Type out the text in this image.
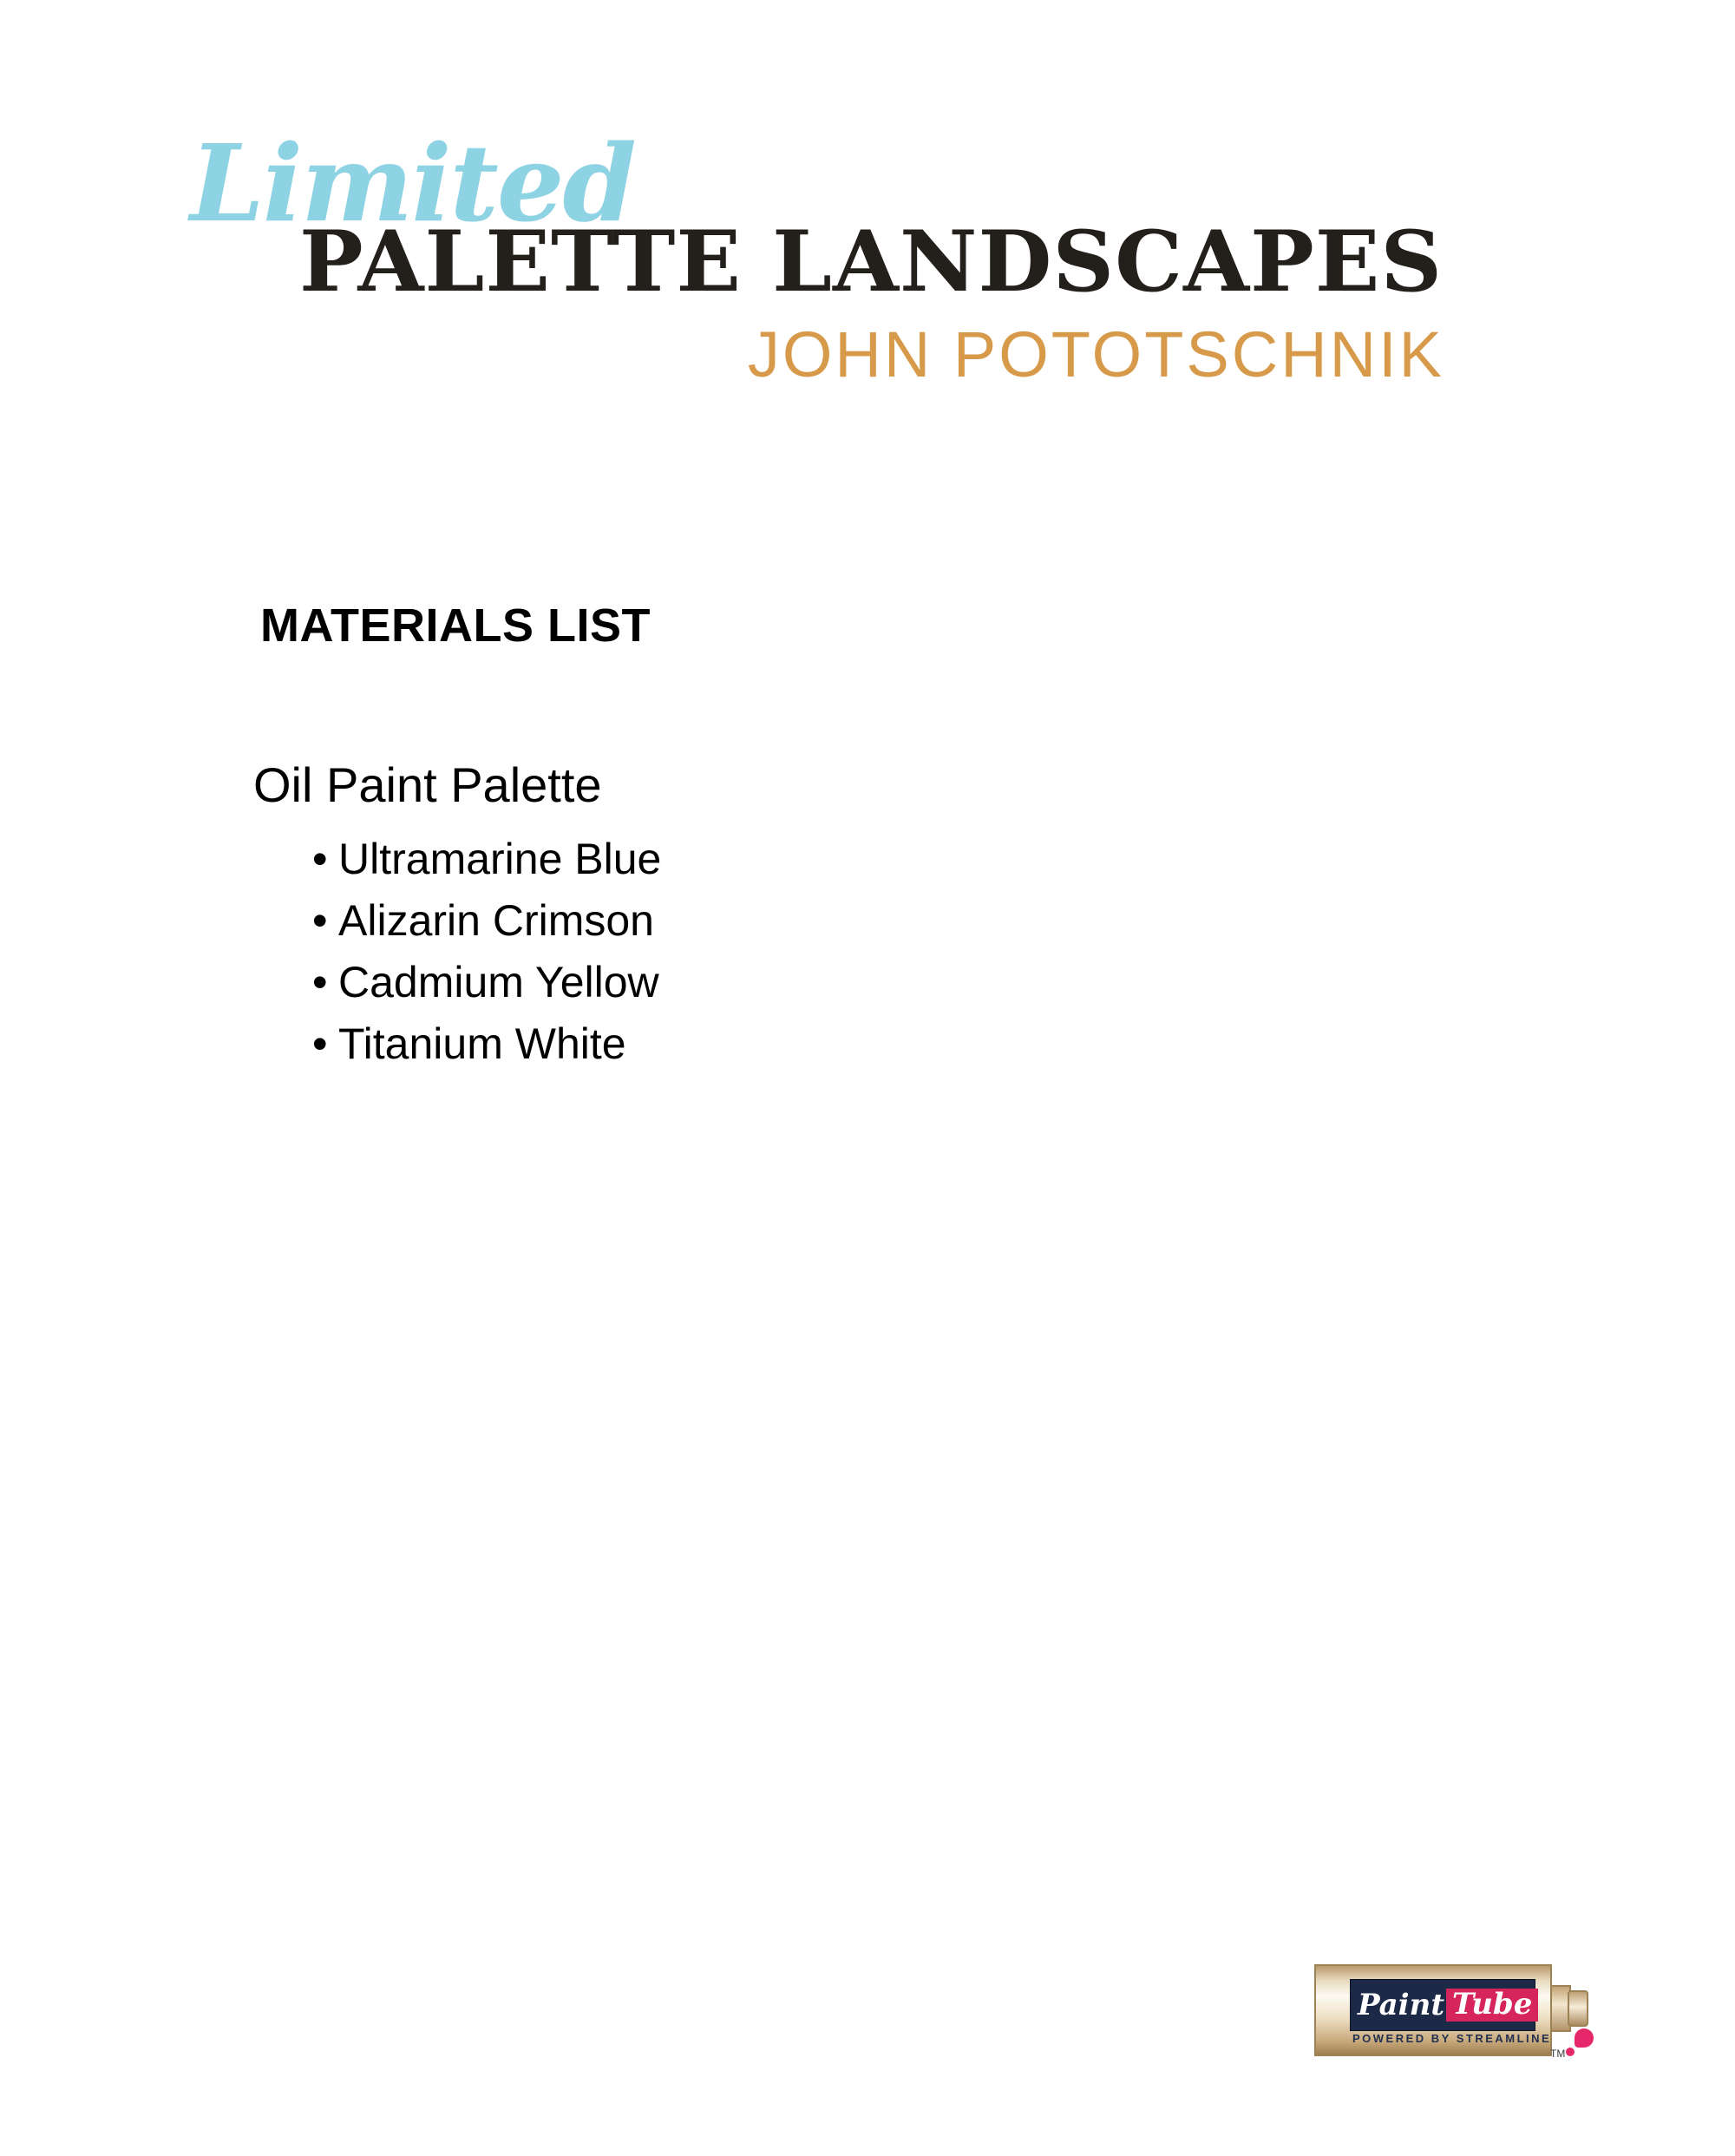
Limited
PALETTE LANDSCAPES
JOHN POTOTSCHNIK
MATERIALS LIST
Oil Paint Palette
• Ultramarine Blue
• Alizarin Crimson
• Cadmium Yellow
• Titanium White
Paint Tube
POWERED BY STREAMLINE
TM
